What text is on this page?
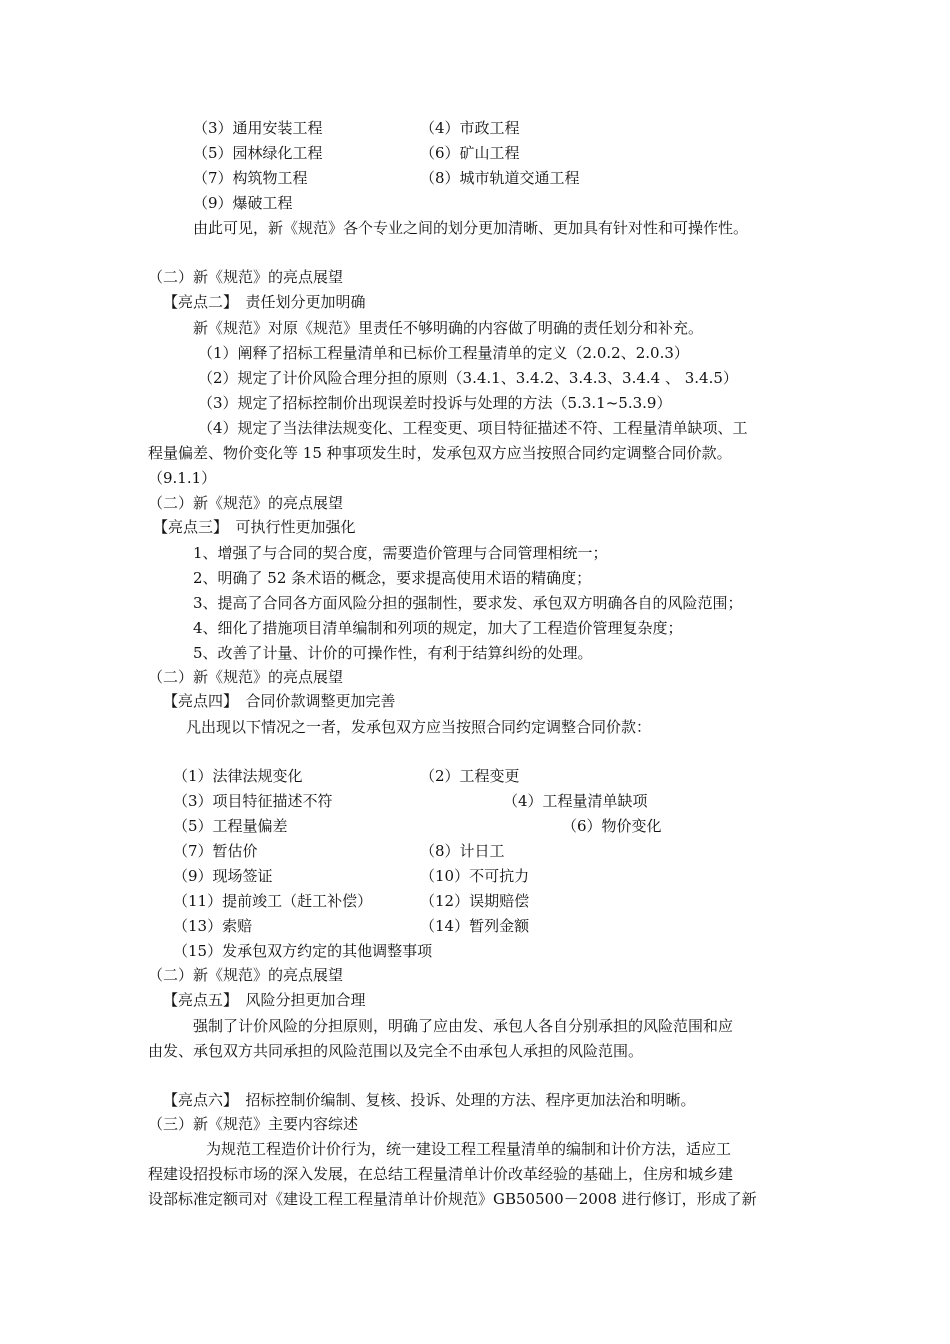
（3）通用安装工程	（4）市政工程
（5）园林绿化工程	（6）矿山工程
（7）构筑物工程	（8）城市轨道交通工程
（9）爆破工程
由此可见，新《规范》各个专业之间的划分更加清晰、更加具有针对性和可操作性。
（二）新《规范》的亮点展望
【亮点二】　责任划分更加明确
新《规范》对原《规范》里责任不够明确的内容做了明确的责任划分和补充。
（1）阐释了招标工程量清单和已标价工程量清单的定义（2.0.2、2.0.3）
（2）规定了计价风险合理分担的原则（3.4.1、3.4.2、3.4.3、3.4.4 、 3.4.5）
（3）规定了招标控制价出现误差时投诉与处理的方法（5.3.1~5.3.9）
（4）规定了当法律法规变化、工程变更、项目特征描述不符、工程量清单缺项、工
程量偏差、物价变化等 15 种事项发生时，发承包双方应当按照合同约定调整合同价款。
（9.1.1）
（二）新《规范》的亮点展望
【亮点三】　可执行性更加强化
1、增强了与合同的契合度，需要造价管理与合同管理相统一；
2、明确了 52 条术语的概念，要求提高使用术语的精确度；
3、提高了合同各方面风险分担的强制性，要求发、承包双方明确各自的风险范围；
4、细化了措施项目清单编制和列项的规定，加大了工程造价管理复杂度；
5、改善了计量、计价的可操作性，有利于结算纠纷的处理。
（二）新《规范》的亮点展望
【亮点四】　合同价款调整更加完善
凡出现以下情况之一者，发承包双方应当按照合同约定调整合同价款：
（1）法律法规变化	（2）工程变更
（3）项目特征描述不符	（4）工程量清单缺项
（5）工程量偏差	（6）物价变化
（7）暂估价	（8）计日工
（9）现场签证	（10）不可抗力
（11）提前竣工（赶工补偿）	（12）误期赔偿
（13）索赔	（14）暂列金额
（15）发承包双方约定的其他调整事项
（二）新《规范》的亮点展望
【亮点五】　风险分担更加合理
强制了计价风险的分担原则，明确了应由发、承包人各自分别承担的风险范围和应
由发、承包双方共同承担的风险范围以及完全不由承包人承担的风险范围。
【亮点六】　招标控制价编制、复核、投诉、处理的方法、程序更加法治和明晰。
（三）新《规范》主要内容综述
为规范工程造价计价行为，统一建设工程工程量清单的编制和计价方法，适应工
程建设招投标市场的深入发展，在总结工程量清单计价改革经验的基础上，住房和城乡建
设部标准定额司对《建设工程工程量清单计价规范》GB50500－2008 进行修订，形成了新
